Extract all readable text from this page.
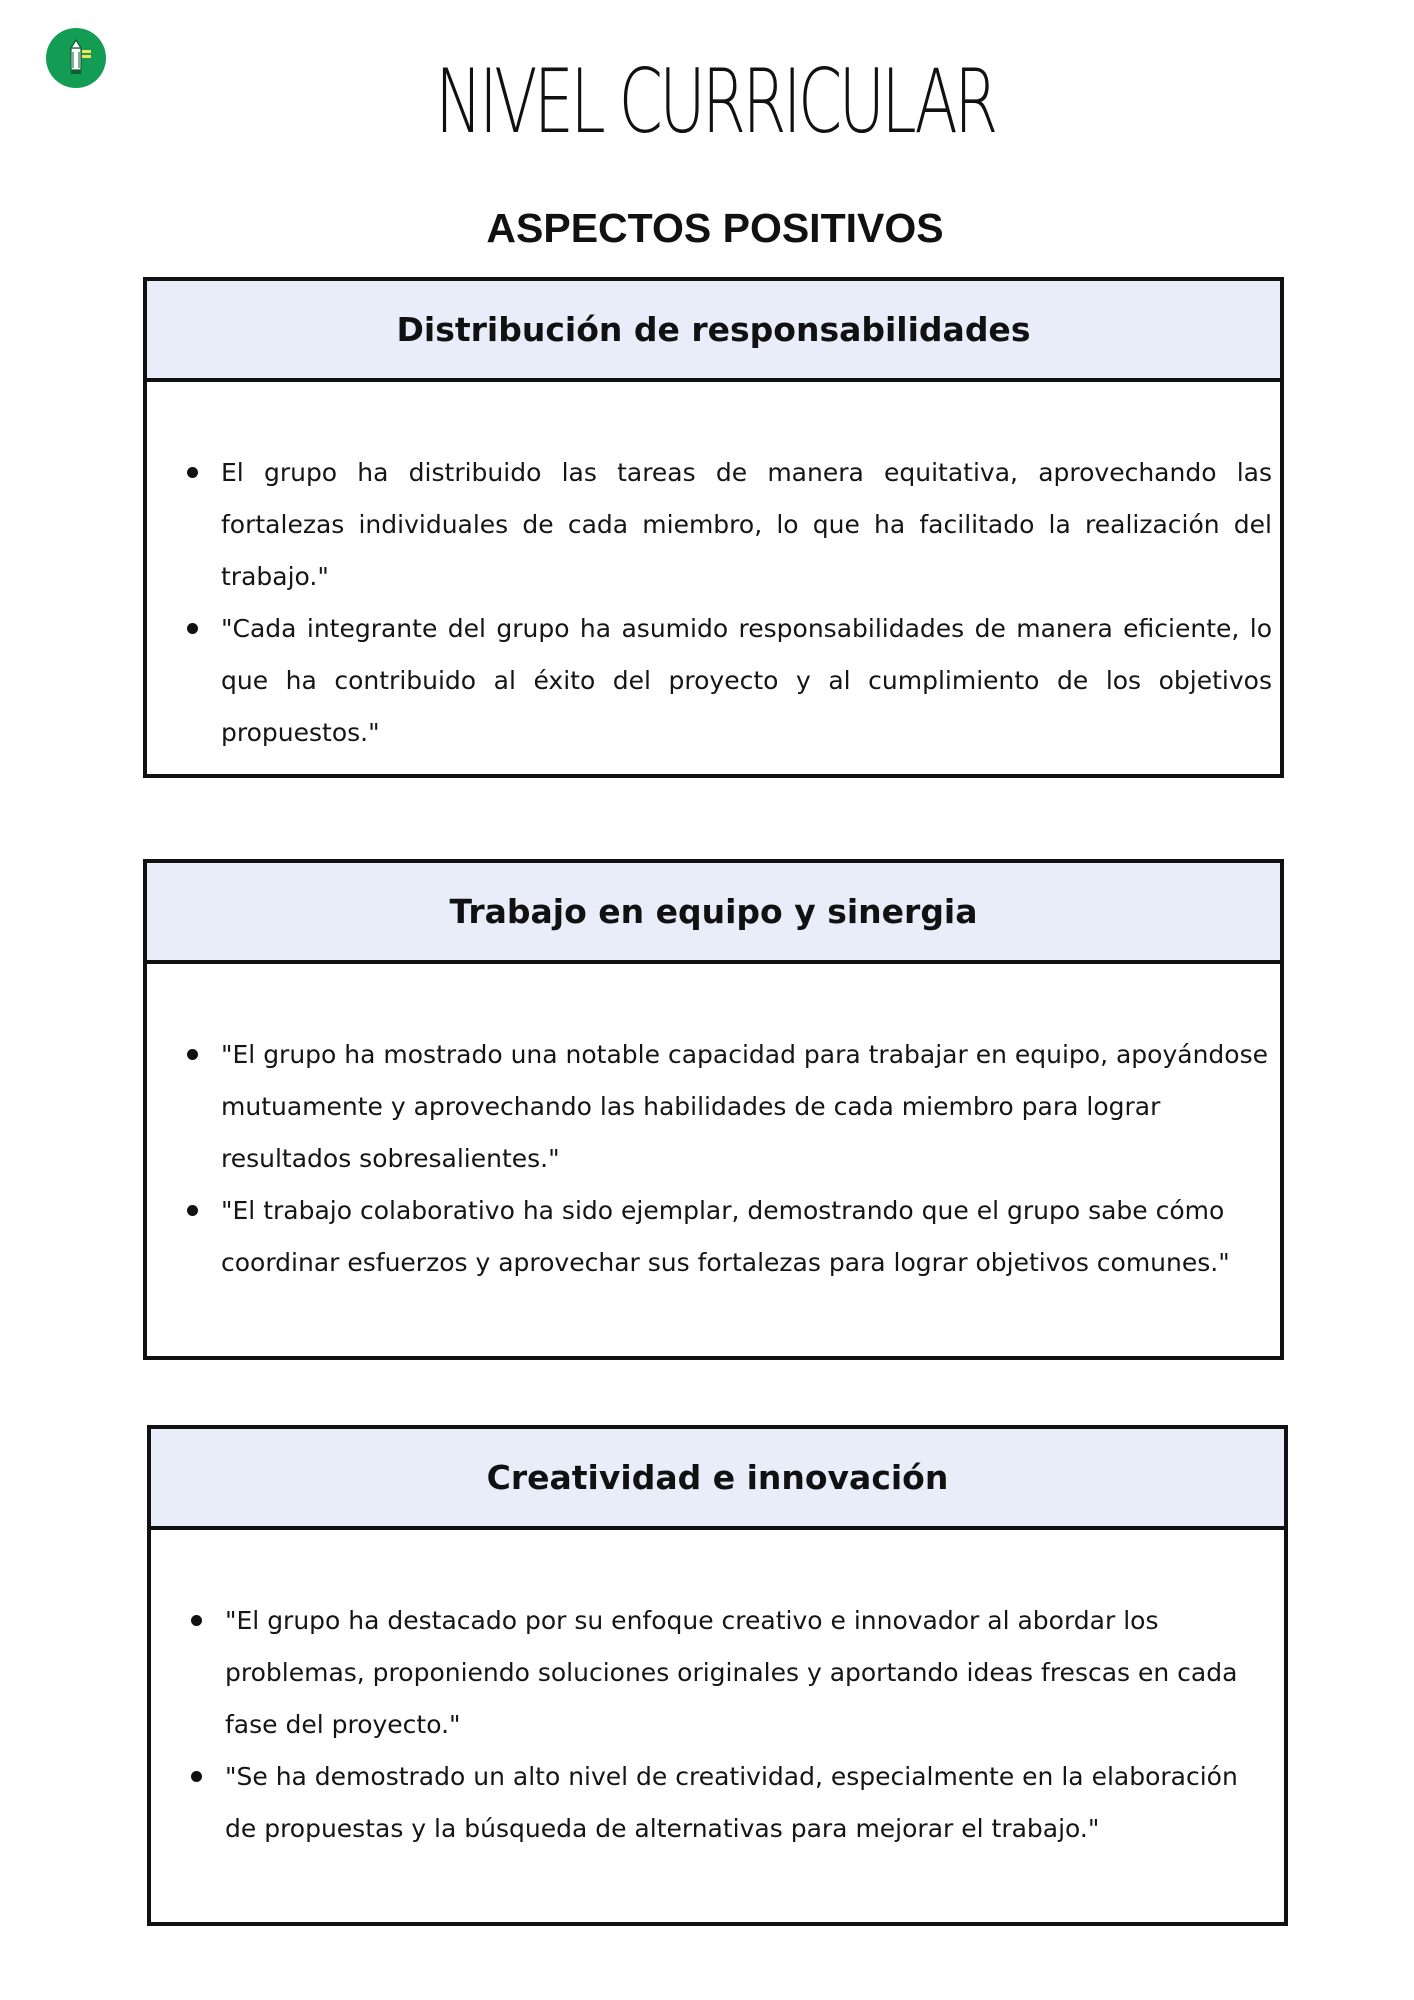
NIVEL CURRICULAR
ASPECTOS POSITIVOS
Distribución de responsabilidades
El grupo ha distribuido las tareas de manera equitativa, aprovechando las fortalezas individuales de cada miembro, lo que ha facilitado la realización del trabajo."
"Cada integrante del grupo ha asumido responsabilidades de manera eficiente, lo que ha contribuido al éxito del proyecto y al cumplimiento de los objetivos propuestos."
Trabajo en equipo y sinergia
"El grupo ha mostrado una notable capacidad para trabajar en equipo, apoyándose mutuamente y aprovechando las habilidades de cada miembro para lograr resultados sobresalientes."
"El trabajo colaborativo ha sido ejemplar, demostrando que el grupo sabe cómo coordinar esfuerzos y aprovechar sus fortalezas para lograr objetivos comunes."
Creatividad e innovación
"El grupo ha destacado por su enfoque creativo e innovador al abordar los problemas, proponiendo soluciones originales y aportando ideas frescas en cada fase del proyecto."
"Se ha demostrado un alto nivel de creatividad, especialmente en la elaboración de propuestas y la búsqueda de alternativas para mejorar el trabajo."
